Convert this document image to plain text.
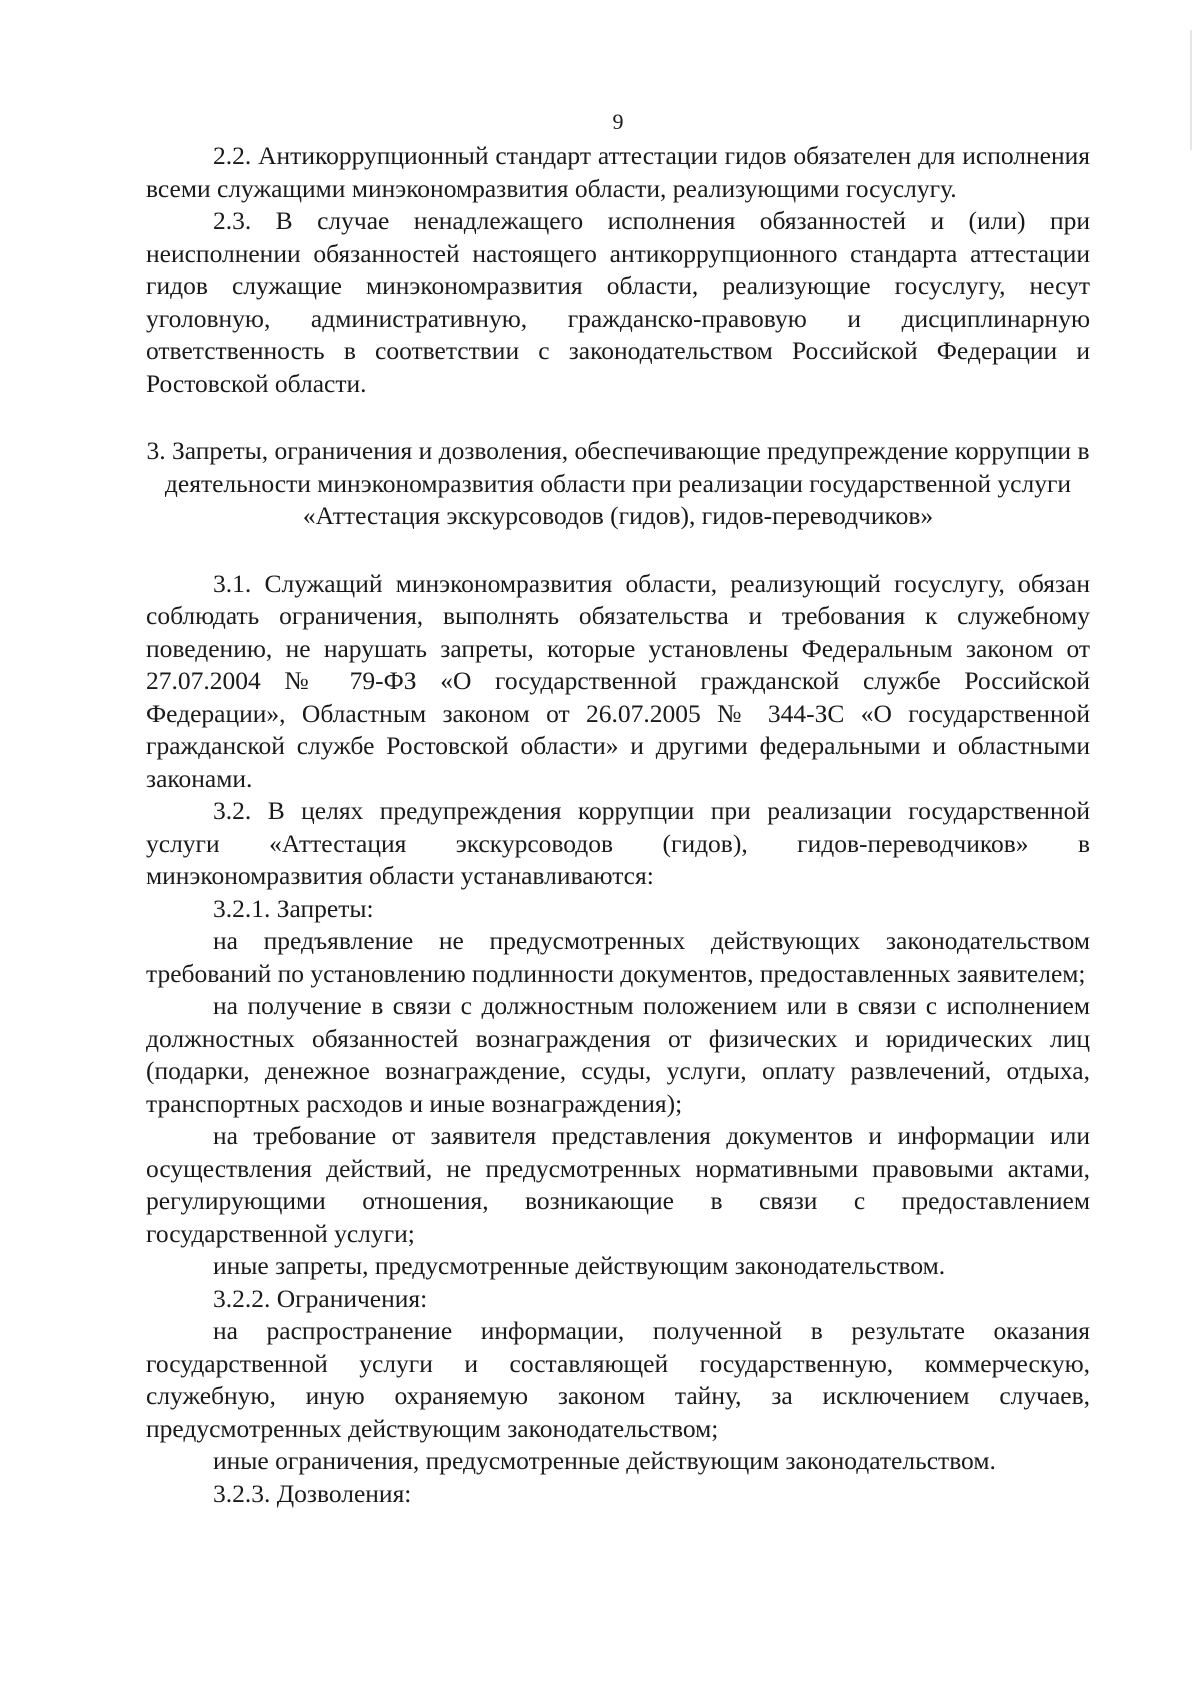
9

2.2. Антикоррупционный стандарт аттестации гидов обязателен для исполнения всеми служащими минэкономразвития области, реализующими госуслугу.

2.3. В случае ненадлежащего исполнения обязанностей и (или) при неисполнении обязанностей настоящего антикоррупционного стандарта аттестации гидов служащие минэкономразвития области, реализующие госуслугу, несут уголовную, административную, гражданско-правовую и дисциплинарную ответственность в соответствии с законодательством Российской Федерации и Ростовской области.

3. Запреты, ограничения и дозволения, обеспечивающие предупреждение коррупции в деятельности минэкономразвития области при реализации государственной услуги «Аттестация экскурсоводов (гидов), гидов-переводчиков»

3.1. Служащий минэкономразвития области, реализующий госуслугу, обязан соблюдать ограничения, выполнять обязательства и требования к служебному поведению, не нарушать запреты, которые установлены Федеральным законом от 27.07.2004 № 79-ФЗ «О государственной гражданской службе Российской Федерации», Областным законом от 26.07.2005 № 344-ЗС «О государственной гражданской службе Ростовской области» и другими федеральными и областными законами.

3.2. В целях предупреждения коррупции при реализации государственной услуги «Аттестация экскурсоводов (гидов), гидов-переводчиков» в минэкономразвития области устанавливаются:

3.2.1. Запреты:

на предъявление не предусмотренных действующих законодательством требований по установлению подлинности документов, предоставленных заявителем;

на получение в связи с должностным положением или в связи с исполнением должностных обязанностей вознаграждения от физических и юридических лиц (подарки, денежное вознаграждение, ссуды, услуги, оплату развлечений, отдыха, транспортных расходов и иные вознаграждения);

на требование от заявителя представления документов и информации или осуществления действий, не предусмотренных нормативными правовыми актами, регулирующими отношения, возникающие в связи с предоставлением государственной услуги;

иные запреты, предусмотренные действующим законодательством.

3.2.2. Ограничения:

на распространение информации, полученной в результате оказания государственной услуги и составляющей государственную, коммерческую, служебную, иную охраняемую законом тайну, за исключением случаев, предусмотренных действующим законодательством;

иные ограничения, предусмотренные действующим законодательством.

3.2.3. Дозволения:
